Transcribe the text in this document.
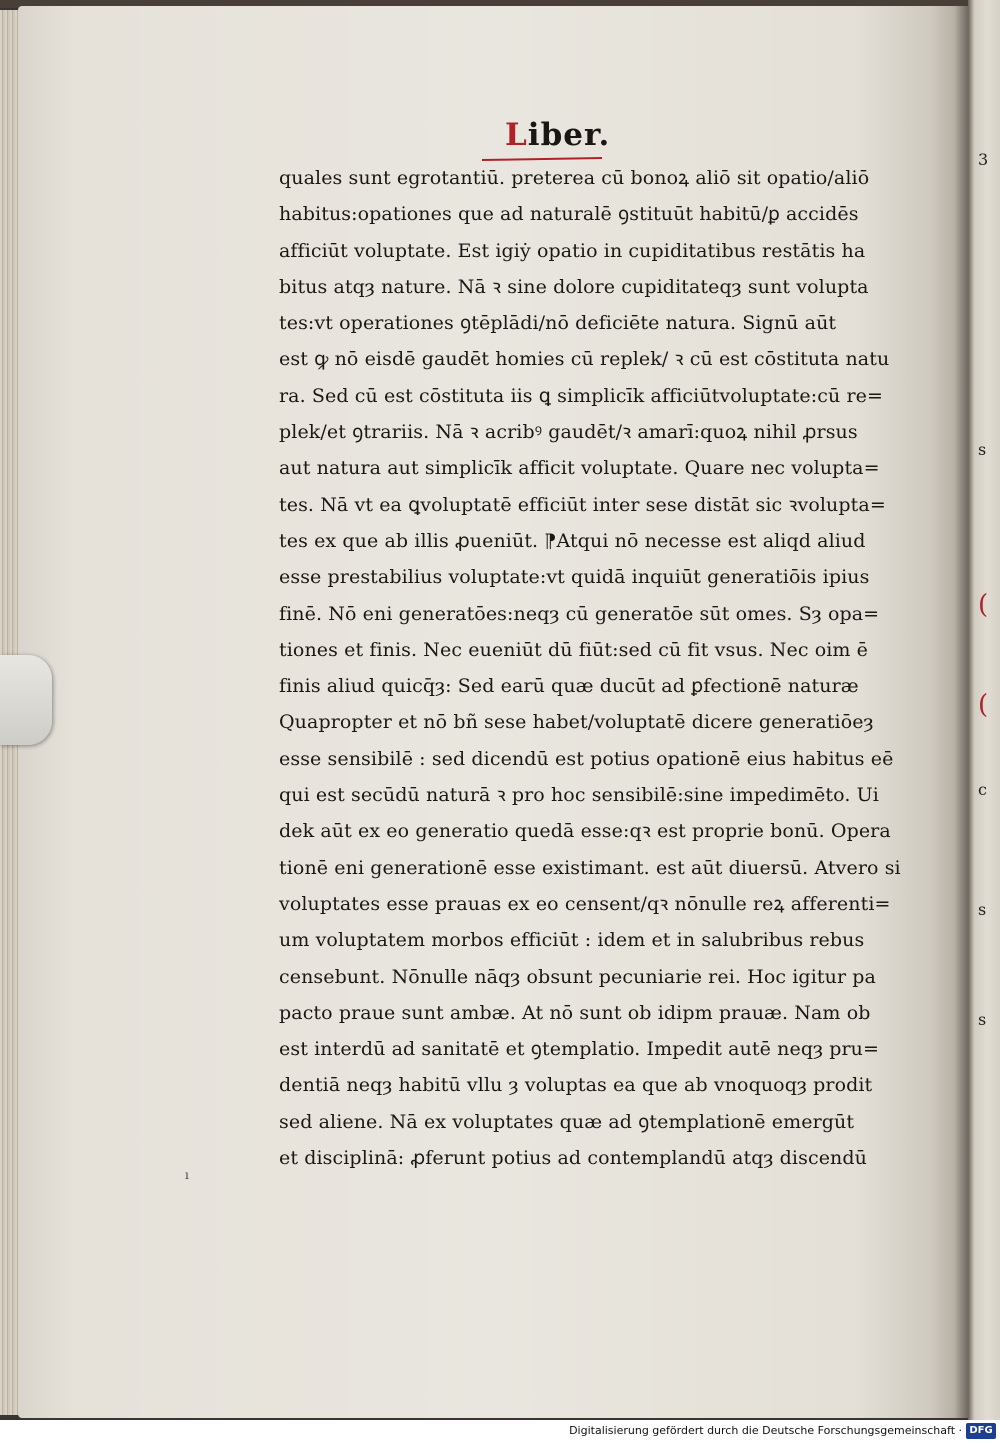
3
s
(
(
c
s
s
Liber.
quales sunt egrotantiū. preterea cū bonoꝝ aliō sit opatio/aliō
habitus:opationes que ad naturalē ꝯstituūt habitū/ꝑ accidēs
afficiūt voluptate. Est igiẏ opatio in cupiditatibus restātis ha
bitus atqȝ nature. Nā ꝛ sine dolore cupiditateqȝ sunt volupta
tes:vt operationes ꝯtēplādi/nō deficiēte natura. Signū aūt
est ꝙ nō eisdē gaudēt homies cū replek/ ꝛ cū est cōstituta natu
ra. Sed cū est cōstituta iis ꝗ simplicīk afficiūtvoluptate:cū re=
plek/et ꝯtrariis. Nā ꝛ acribꝰ gaudēt/ꝛ amarī:quoꝝ nihil ꝓrsus
aut natura aut simplicīk afficit voluptate. Quare nec volupta=
tes. Nā vt ea ꝗvoluptatē efficiūt inter sese distāt sic ꝛvolupta=
tes ex que ab illis ꝓueniūt. ⁋Atqui nō necesse est aliqd aliud
esse prestabilius voluptate:vt quidā inquiūt generatiōis ipius
finē. Nō eni generatōes:neqȝ cū generatōe sūt omes. Sȝ opa=
tiones et finis. Nec eueniūt dū fiūt:sed cū fit vsus. Nec oim ē
finis aliud quicq̄ȝ: Sed earū quæ ducūt ad ꝑfectionē naturæ
Quapropter et nō bñ sese habet/voluptatē dicere generatiōeȝ
esse sensibilē : sed dicendū est potius opationē eius habitus eē
qui est secūdū naturā ꝛ pro hoc sensibilē:sine impedimēto. Ui
dek aūt ex eo generatio quedā esse:qꝛ est proprie bonū. Opera
tionē eni generationē esse existimant. est aūt diuersū. Atvero si
voluptates esse prauas ex eo censent/qꝛ nōnulle reꝝ afferenti=
um voluptatem morbos efficiūt : idem et in salubribus rebus
censebunt. Nōnulle nāqȝ obsunt pecuniarie rei. Hoc igitur pa
pacto praue sunt ambæ. At nō sunt ob idipm prauæ. Nam ob
est interdū ad sanitatē et ꝯtemplatio. Impedit autē neqȝ pru=
dentiā neqȝ habitū vllu ȝ voluptas ea que ab vnoquoqȝ prodit
sed aliene. Nā ex voluptates quæ ad ꝯtemplationē emergūt
et disciplinā: ꝓferunt potius ad contemplandū atqȝ discendū
ı
Digitalisierung gefördert durch die Deutsche Forschungsgemeinschaft · DFG
